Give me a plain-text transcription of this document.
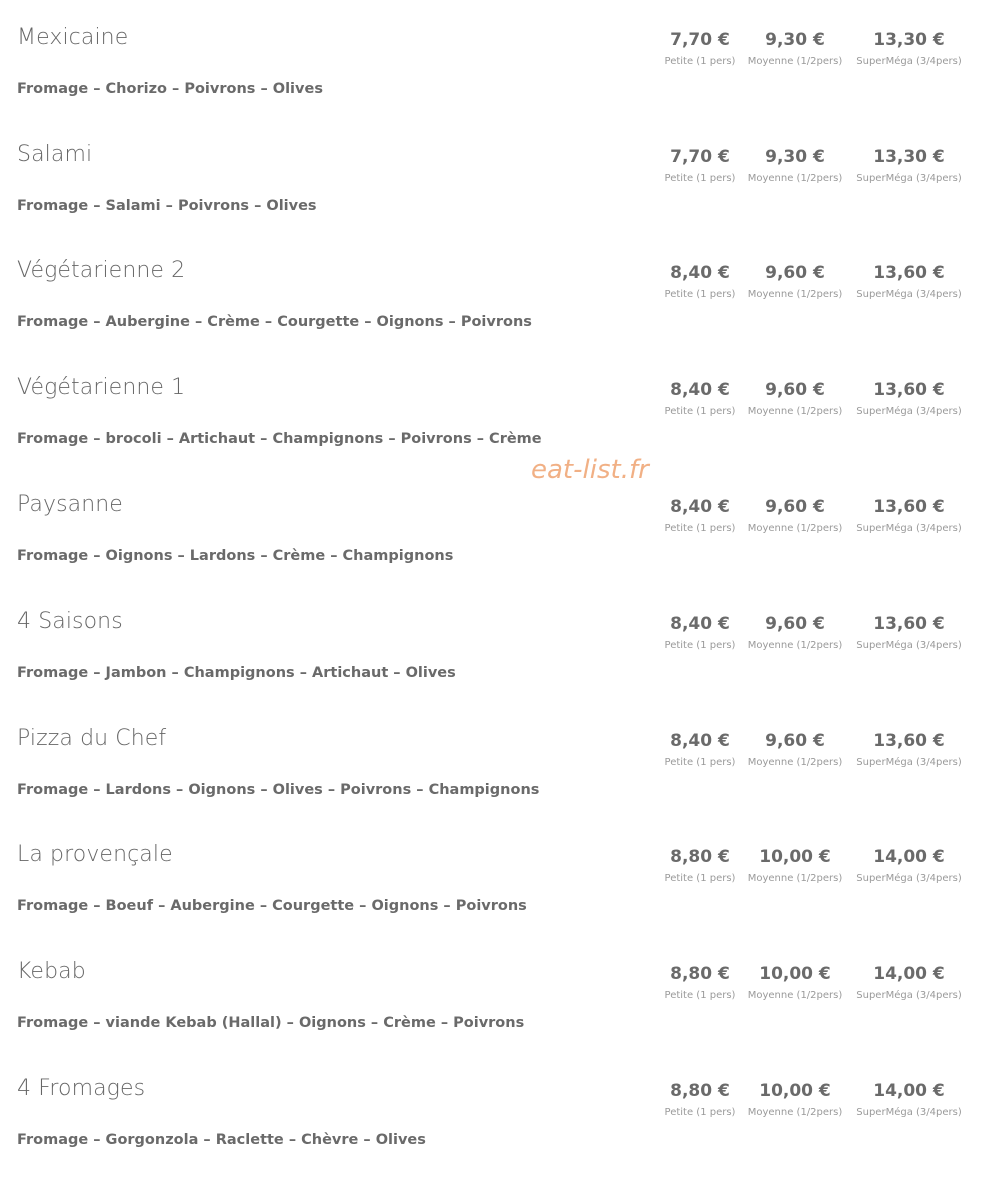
Mexicaine
Fromage – Chorizo – Poivrons – Olives
7,70 €
Petite (1 pers)
9,30 €
Moyenne (1/2pers)
13,30 €
SuperMéga (3/4pers)
Salami
Fromage – Salami – Poivrons – Olives
7,70 €
Petite (1 pers)
9,30 €
Moyenne (1/2pers)
13,30 €
SuperMéga (3/4pers)
Végétarienne 2
Fromage – Aubergine – Crème – Courgette – Oignons – Poivrons
8,40 €
Petite (1 pers)
9,60 €
Moyenne (1/2pers)
13,60 €
SuperMéga (3/4pers)
Végétarienne 1
Fromage – brocoli – Artichaut – Champignons – Poivrons – Crème
8,40 €
Petite (1 pers)
9,60 €
Moyenne (1/2pers)
13,60 €
SuperMéga (3/4pers)
Paysanne
Fromage – Oignons – Lardons – Crème – Champignons
8,40 €
Petite (1 pers)
9,60 €
Moyenne (1/2pers)
13,60 €
SuperMéga (3/4pers)
4 Saisons
Fromage – Jambon – Champignons – Artichaut – Olives
8,40 €
Petite (1 pers)
9,60 €
Moyenne (1/2pers)
13,60 €
SuperMéga (3/4pers)
Pizza du Chef
Fromage – Lardons – Oignons – Olives – Poivrons – Champignons
8,40 €
Petite (1 pers)
9,60 €
Moyenne (1/2pers)
13,60 €
SuperMéga (3/4pers)
La provençale
Fromage – Boeuf – Aubergine – Courgette – Oignons – Poivrons
8,80 €
Petite (1 pers)
10,00 €
Moyenne (1/2pers)
14,00 €
SuperMéga (3/4pers)
Kebab
Fromage – viande Kebab (Hallal) – Oignons – Crème – Poivrons
8,80 €
Petite (1 pers)
10,00 €
Moyenne (1/2pers)
14,00 €
SuperMéga (3/4pers)
4 Fromages
Fromage – Gorgonzola – Raclette – Chèvre – Olives
8,80 €
Petite (1 pers)
10,00 €
Moyenne (1/2pers)
14,00 €
SuperMéga (3/4pers)
eat-list.fr
